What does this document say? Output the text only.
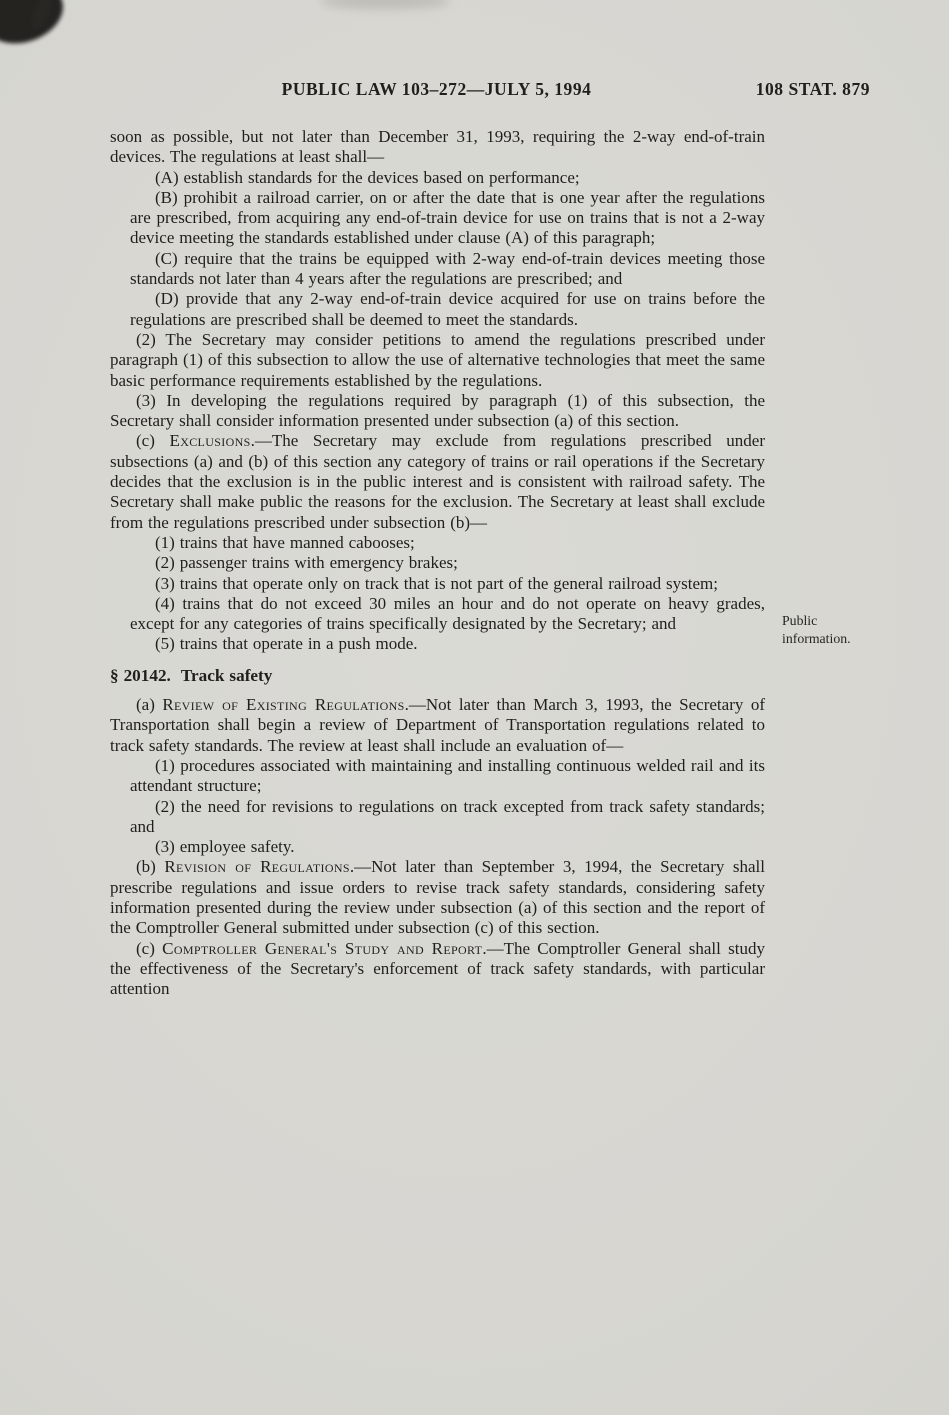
PUBLIC LAW 103–272—JULY 5, 1994	108 STAT. 879
Public information.

soon as possible, but not later than December 31, 1993, requiring the 2-way end-of-train devices. The regulations at least shall—

(A) establish standards for the devices based on performance;

(B) prohibit a railroad carrier, on or after the date that is one year after the regulations are prescribed, from acquiring any end-of-train device for use on trains that is not a 2-way device meeting the standards established under clause (A) of this paragraph;

(C) require that the trains be equipped with 2-way end-of-train devices meeting those standards not later than 4 years after the regulations are prescribed; and

(D) provide that any 2-way end-of-train device acquired for use on trains before the regulations are prescribed shall be deemed to meet the standards.

(2) The Secretary may consider petitions to amend the regulations prescribed under paragraph (1) of this subsection to allow the use of alternative technologies that meet the same basic performance requirements established by the regulations.

(3) In developing the regulations required by paragraph (1) of this subsection, the Secretary shall consider information presented under subsection (a) of this section.

(c) Exclusions.—The Secretary may exclude from regulations prescribed under subsections (a) and (b) of this section any category of trains or rail operations if the Secretary decides that the exclusion is in the public interest and is consistent with railroad safety. The Secretary shall make public the reasons for the exclusion. The Secretary at least shall exclude from the regulations prescribed under subsection (b)—

(1) trains that have manned cabooses;

(2) passenger trains with emergency brakes;

(3) trains that operate only on track that is not part of the general railroad system;

(4) trains that do not exceed 30 miles an hour and do not operate on heavy grades, except for any categories of trains specifically designated by the Secretary; and

(5) trains that operate in a push mode.

§ 20142. Track safety

(a) Review of Existing Regulations.—Not later than March 3, 1993, the Secretary of Transportation shall begin a review of Department of Transportation regulations related to track safety standards. The review at least shall include an evaluation of—

(1) procedures associated with maintaining and installing continuous welded rail and its attendant structure;

(2) the need for revisions to regulations on track excepted from track safety standards; and

(3) employee safety.

(b) Revision of Regulations.—Not later than September 3, 1994, the Secretary shall prescribe regulations and issue orders to revise track safety standards, considering safety information presented during the review under subsection (a) of this section and the report of the Comptroller General submitted under subsection (c) of this section.

(c) Comptroller General's Study and Report.—The Comptroller General shall study the effectiveness of the Secretary's enforcement of track safety standards, with particular attention
